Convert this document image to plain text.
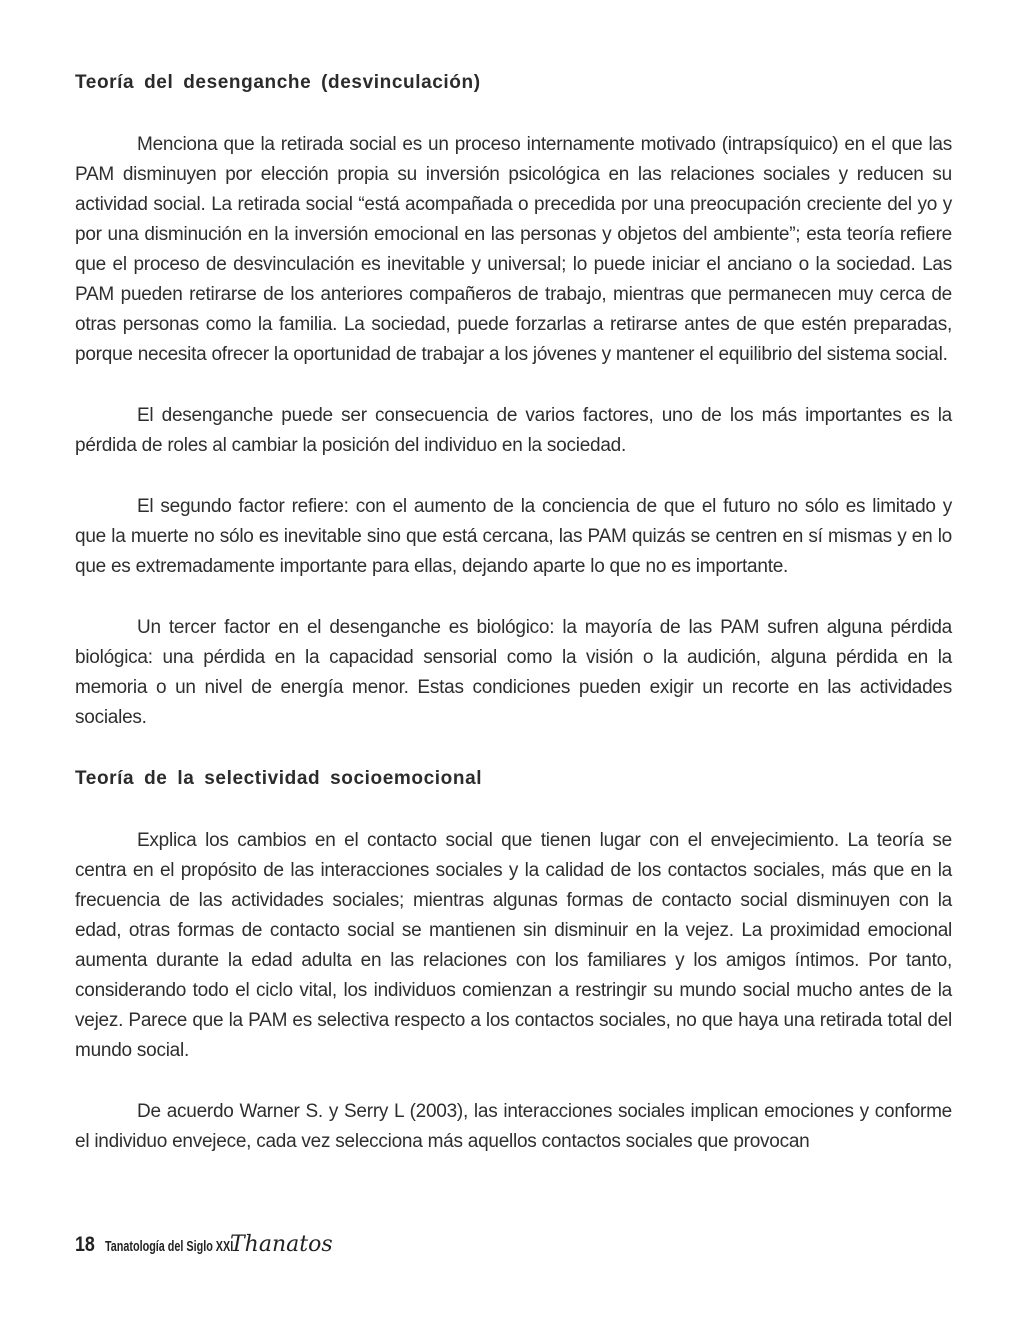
Teoría del desenganche (desvinculación)

Menciona que la retirada social es un proceso internamente motivado (intrapsíquico) en el que las PAM disminuyen por elección propia su inversión psicológica en las relaciones sociales y reducen su actividad social. La retirada social “está acompañada o precedida por una preocupación creciente del yo y por una disminución en la inversión emocional en las personas y objetos del ambiente”; esta teoría refiere que el proceso de desvinculación es inevitable y universal; lo puede iniciar el anciano o la sociedad. Las PAM pueden retirarse de los anteriores compañeros de trabajo, mientras que permanecen muy cerca de otras personas como la familia. La sociedad, puede forzarlas a retirarse antes de que estén preparadas, porque necesita ofrecer la oportunidad de trabajar a los jóvenes y mantener el equilibrio del sistema social.

El desenganche puede ser consecuencia de varios factores, uno de los más importantes es la pérdida de roles al cambiar la posición del individuo en la sociedad.

El segundo factor refiere: con el aumento de la conciencia de que el futuro no sólo es limitado y que la muerte no sólo es inevitable sino que está cercana, las PAM quizás se centren en sí mismas y en lo que es extremadamente importante para ellas, dejando aparte lo que no es importante.

Un tercer factor en el desenganche es biológico: la mayoría de las PAM sufren alguna pérdida biológica: una pérdida en la capacidad sensorial como la visión o la audición, alguna pérdida en la memoria o un nivel de energía menor. Estas condiciones pueden exigir un recorte en las actividades sociales.

Teoría de la selectividad socioemocional

Explica los cambios en el contacto social que tienen lugar con el envejecimiento. La teoría se centra en el propósito de las interacciones sociales y la calidad de los contactos sociales, más que en la frecuencia de las actividades sociales; mientras algunas formas de contacto social disminuyen con la edad, otras formas de contacto social se mantienen sin disminuir en la vejez. La proximidad emocional aumenta durante la edad adulta en las relaciones con los familiares y los amigos íntimos. Por tanto, considerando todo el ciclo vital, los individuos comienzan a restringir su mundo social mucho antes de la vejez. Parece que la PAM es selectiva respecto a los contactos sociales, no que haya una retirada total del mundo social.

De acuerdo Warner S. y Serry L (2003), las interacciones sociales implican emociones y conforme el individuo envejece, cada vez selecciona más aquellos contactos sociales que provocan

18 Tanatología del Siglo XXI
Thanatos
